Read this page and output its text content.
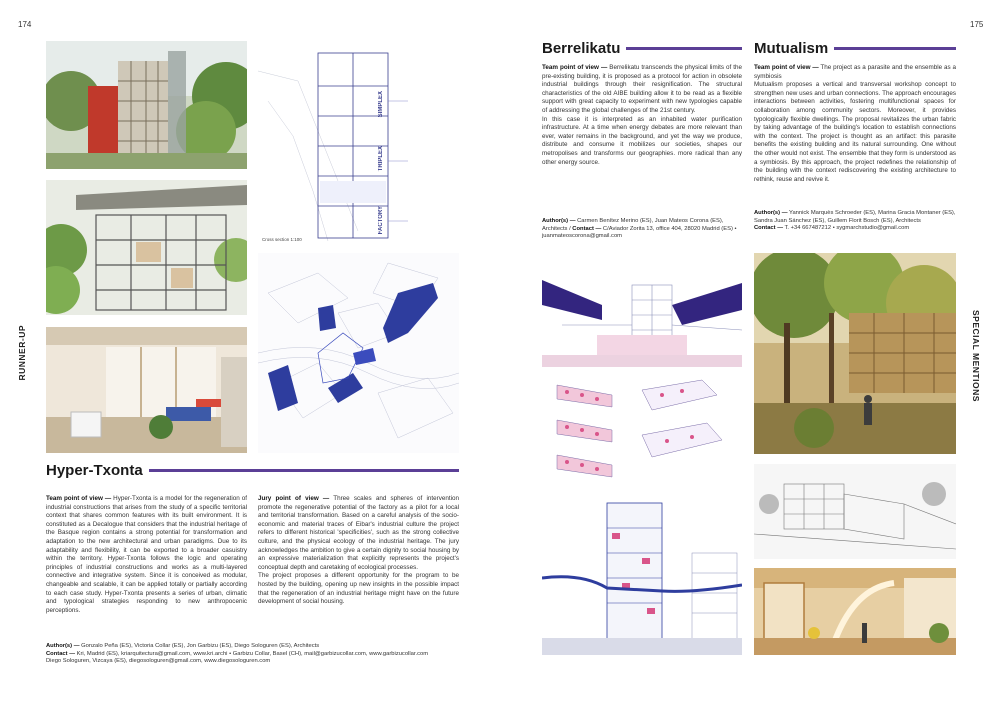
174
RUNNER-UP
SIMPLEX
TRIPLEX
FACTORY
Cross section 1:100
Hyper-Txonta
Team point of view — Hyper-Txonta is a model for the regeneration of industrial constructions that arises from the study of a specific territorial context that shares common features with its built environment. It is constituted as a Decalogue that considers that the industrial heritage of the Basque region contains a strong potential for transformation and adaptation to the new architectural and urban paradigms. Due to its adaptability and flexibility, it can be exported to a broader casuistry within the territory. Hyper-Txonta follows the logic and operating principles of industrial constructions and works as a multi-layered connective and integrative system. Since it is conceived as modular, changeable and scalable, it can be applied totally or partially according to each case study. Hyper-Txonta presents a series of urban, climatic and typological strategies responding to new anthropocenic perceptions.
Jury point of view — Three scales and spheres of intervention promote the regenerative potential of the factory as a pilot for a local and territorial transformation. Based on a careful analysis of the socio-economic and material traces of Eibar's industrial culture the project refers to different historical 'specificities', such as the strong collective culture, and the physical ecology of the industrial heritage. The jury acknowledges the ambition to give a certain dignity to social housing by an expressive materialization that explicitly represents the project's conceptual depth and caretaking of ecological processes.
The project proposes a different opportunity for the program to be hosted by the building, opening up new insights in the possible impact that the regeneration of an industrial heritage might have on the future development of social housing.
Author(s) — Gonzalo Peña (ES), Victoria Collar (ES), Jon Garbizu (ES), Diego Sologuren (ES), Architects
Contact — Kri, Madrid (ES), kriarquitectura@gmail.com, www.kri.archi • Garbizu Collar, Basel (CH), mail@garbizucollar.com, www.garbizucollar.com
Diego Sologuren, Vizcaya (ES), diegosologuren@gmail.com, www.diegosologuren.com
175
SPECIAL MENTIONS
Berrelikatu
Team point of view — Berrelikatu transcends the physical limits of the pre-existing building, it is proposed as a protocol for action in obsolete industrial buildings through their resignification. The structural characteristics of the old AIBE building allow it to be read as a flexible support with great capacity to experiment with new typologies capable of addressing the global challenges of the 21st century.
In this case it is interpreted as an inhabited water purification infrastructure. At a time when energy debates are more relevant than ever, water remains in the background, and yet the way we produce, distribute and consume it mobilizes our societies, shapes our metropolises and transforms our geographies. more radical than any other energy source.
Author(s) — Carmen Benítez Merino (ES), Juan Mateos Corona (ES), Architects / Contact — C/Aviador Zorita 13, office 404, 28020 Madrid (ES) • juanmateoscorona@gmail.com
Mutualism
Team point of view — The project as a parasite and the ensemble as a symbiosis
Mutualism proposes a vertical and transversal workshop concept to strengthen new uses and urban connections. The approach encourages interactions between activities, fostering multifunctional spaces for collaboration among community sectors. Moreover, it provides typologically flexible dwellings. The proposal revitalizes the urban fabric by taking advantage of the building's location to establish connections with the context. The project is thought as an artifact: this parasite benefits the existing building and its natural surrounding. One without the other would not exist. The ensemble that they form is understood as a symbiosis. By this approach, the project redefines the relationship of the building with the context rediscovering the existing architecture to rethink, reuse and revive it.
Author(s) — Yannick Marquès Schroeder (ES), Marina Gracia Montaner (ES), Sandra Juan Sánchez (ES), Guillem Florit Bosch (ES), Architects
Contact — T. +34 667487212 • sygmarchstudio@gmail.com
